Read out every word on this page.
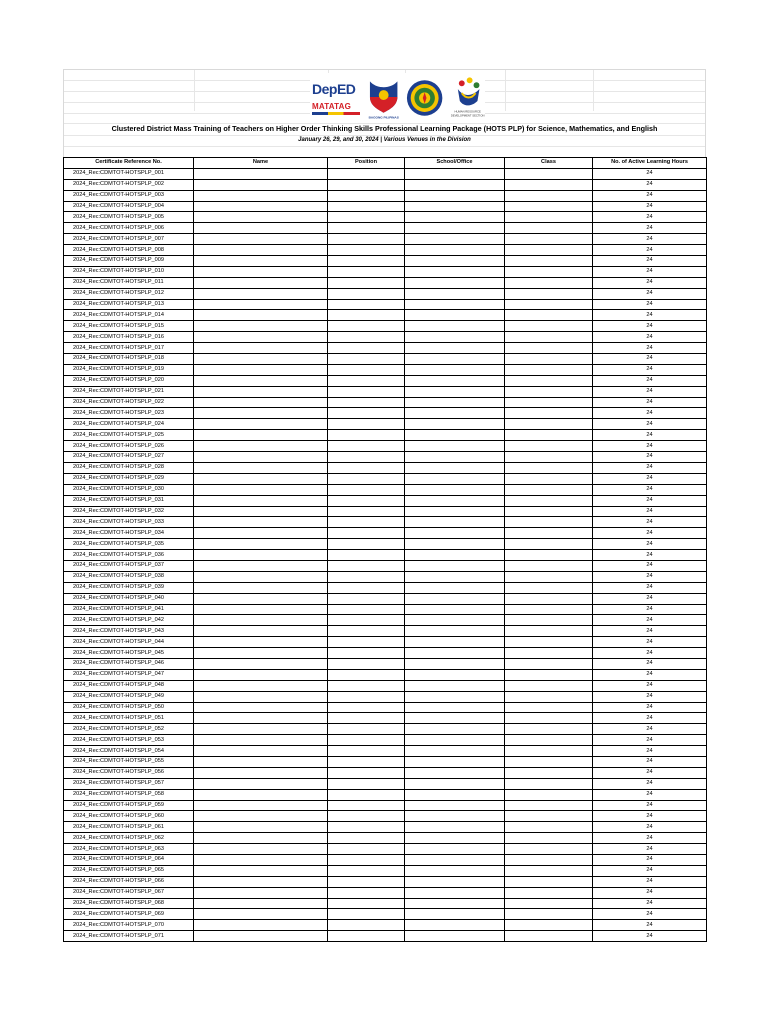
DepED
MATATAG
BAGONG PILIPINAS
HUMAN RESOURCE
DEVELOPMENT SECTION
Clustered District Mass Training of Teachers on Higher Order Thinking Skills Professional Learning Package (HOTS PLP) for Science, Mathematics, and English
January 26, 29, and 30, 2024 | Various Venues in the Division
Certificate Reference No.	Name	Position	School/Office	Class	No. of Active Learning Hours
2024_Rec:CDMTOT-HOTSPLP_001					24
2024_Rec:CDMTOT-HOTSPLP_002					24
2024_Rec:CDMTOT-HOTSPLP_003					24
2024_Rec:CDMTOT-HOTSPLP_004					24
2024_Rec:CDMTOT-HOTSPLP_005					24
2024_Rec:CDMTOT-HOTSPLP_006					24
2024_Rec:CDMTOT-HOTSPLP_007					24
2024_Rec:CDMTOT-HOTSPLP_008					24
2024_Rec:CDMTOT-HOTSPLP_009					24
2024_Rec:CDMTOT-HOTSPLP_010					24
2024_Rec:CDMTOT-HOTSPLP_011					24
2024_Rec:CDMTOT-HOTSPLP_012					24
2024_Rec:CDMTOT-HOTSPLP_013					24
2024_Rec:CDMTOT-HOTSPLP_014					24
2024_Rec:CDMTOT-HOTSPLP_015					24
2024_Rec:CDMTOT-HOTSPLP_016					24
2024_Rec:CDMTOT-HOTSPLP_017					24
2024_Rec:CDMTOT-HOTSPLP_018					24
2024_Rec:CDMTOT-HOTSPLP_019					24
2024_Rec:CDMTOT-HOTSPLP_020					24
2024_Rec:CDMTOT-HOTSPLP_021					24
2024_Rec:CDMTOT-HOTSPLP_022					24
2024_Rec:CDMTOT-HOTSPLP_023					24
2024_Rec:CDMTOT-HOTSPLP_024					24
2024_Rec:CDMTOT-HOTSPLP_025					24
2024_Rec:CDMTOT-HOTSPLP_026					24
2024_Rec:CDMTOT-HOTSPLP_027					24
2024_Rec:CDMTOT-HOTSPLP_028					24
2024_Rec:CDMTOT-HOTSPLP_029					24
2024_Rec:CDMTOT-HOTSPLP_030					24
2024_Rec:CDMTOT-HOTSPLP_031					24
2024_Rec:CDMTOT-HOTSPLP_032					24
2024_Rec:CDMTOT-HOTSPLP_033					24
2024_Rec:CDMTOT-HOTSPLP_034					24
2024_Rec:CDMTOT-HOTSPLP_035					24
2024_Rec:CDMTOT-HOTSPLP_036					24
2024_Rec:CDMTOT-HOTSPLP_037					24
2024_Rec:CDMTOT-HOTSPLP_038					24
2024_Rec:CDMTOT-HOTSPLP_039					24
2024_Rec:CDMTOT-HOTSPLP_040					24
2024_Rec:CDMTOT-HOTSPLP_041					24
2024_Rec:CDMTOT-HOTSPLP_042					24
2024_Rec:CDMTOT-HOTSPLP_043					24
2024_Rec:CDMTOT-HOTSPLP_044					24
2024_Rec:CDMTOT-HOTSPLP_045					24
2024_Rec:CDMTOT-HOTSPLP_046					24
2024_Rec:CDMTOT-HOTSPLP_047					24
2024_Rec:CDMTOT-HOTSPLP_048					24
2024_Rec:CDMTOT-HOTSPLP_049					24
2024_Rec:CDMTOT-HOTSPLP_050					24
2024_Rec:CDMTOT-HOTSPLP_051					24
2024_Rec:CDMTOT-HOTSPLP_052					24
2024_Rec:CDMTOT-HOTSPLP_053					24
2024_Rec:CDMTOT-HOTSPLP_054					24
2024_Rec:CDMTOT-HOTSPLP_055					24
2024_Rec:CDMTOT-HOTSPLP_056					24
2024_Rec:CDMTOT-HOTSPLP_057					24
2024_Rec:CDMTOT-HOTSPLP_058					24
2024_Rec:CDMTOT-HOTSPLP_059					24
2024_Rec:CDMTOT-HOTSPLP_060					24
2024_Rec:CDMTOT-HOTSPLP_061					24
2024_Rec:CDMTOT-HOTSPLP_062					24
2024_Rec:CDMTOT-HOTSPLP_063					24
2024_Rec:CDMTOT-HOTSPLP_064					24
2024_Rec:CDMTOT-HOTSPLP_065					24
2024_Rec:CDMTOT-HOTSPLP_066					24
2024_Rec:CDMTOT-HOTSPLP_067					24
2024_Rec:CDMTOT-HOTSPLP_068					24
2024_Rec:CDMTOT-HOTSPLP_069					24
2024_Rec:CDMTOT-HOTSPLP_070					24
2024_Rec:CDMTOT-HOTSPLP_071					24
